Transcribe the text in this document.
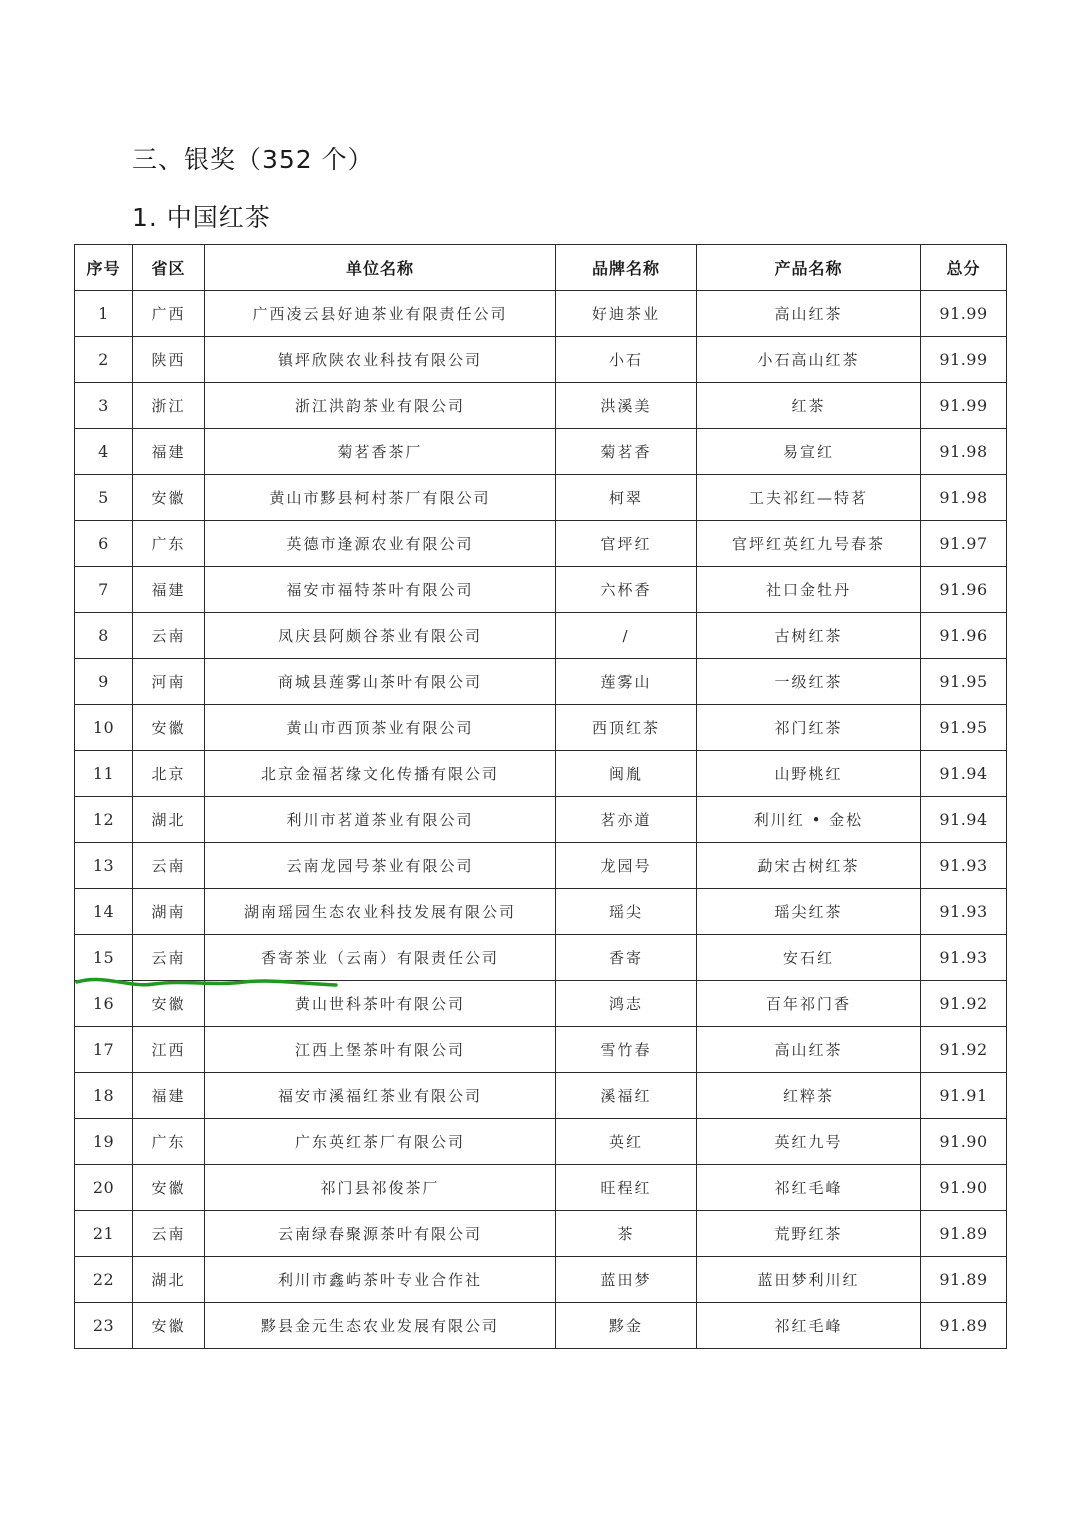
三、银奖（352 个）
1. 中国红茶
序号	省区	单位名称	品牌名称	产品名称	总分
1	广西	广西凌云县好迪茶业有限责任公司	好迪茶业	高山红茶	91.99
2	陕西	镇坪欣陕农业科技有限公司	小石	小石高山红茶	91.99
3	浙江	浙江洪韵茶业有限公司	洪溪美	红茶	91.99
4	福建	菊茗香茶厂	菊茗香	易宣红	91.98
5	安徽	黄山市黟县柯村茶厂有限公司	柯翠	工夫祁红—特茗	91.98
6	广东	英德市逢源农业有限公司	官坪红	官坪红英红九号春茶	91.97
7	福建	福安市福特茶叶有限公司	六杯香	社口金牡丹	91.96
8	云南	凤庆县阿颇谷茶业有限公司	/	古树红茶	91.96
9	河南	商城县莲雾山茶叶有限公司	莲雾山	一级红茶	91.95
10	安徽	黄山市西顶茶业有限公司	西顶红茶	祁门红茶	91.95
11	北京	北京金福茗缘文化传播有限公司	闽胤	山野桃红	91.94
12	湖北	利川市茗道茶业有限公司	茗亦道	利川红 • 金松	91.94
13	云南	云南龙园号茶业有限公司	龙园号	勐宋古树红茶	91.93
14	湖南	湖南瑶园生态农业科技发展有限公司	瑶尖	瑶尖红茶	91.93
15	云南	香寄茶业（云南）有限责任公司	香寄	安石红	91.93
16	安徽	黄山世科茶叶有限公司	鸿志	百年祁门香	91.92
17	江西	江西上堡茶叶有限公司	雪竹春	高山红茶	91.92
18	福建	福安市溪福红茶业有限公司	溪福红	红粹茶	91.91
19	广东	广东英红茶厂有限公司	英红	英红九号	91.90
20	安徽	祁门县祁俊茶厂	旺程红	祁红毛峰	91.90
21	云南	云南绿春聚源茶叶有限公司	茶	荒野红茶	91.89
22	湖北	利川市鑫屿茶叶专业合作社	蓝田梦	蓝田梦利川红	91.89
23	安徽	黟县金元生态农业发展有限公司	黟金	祁红毛峰	91.89
